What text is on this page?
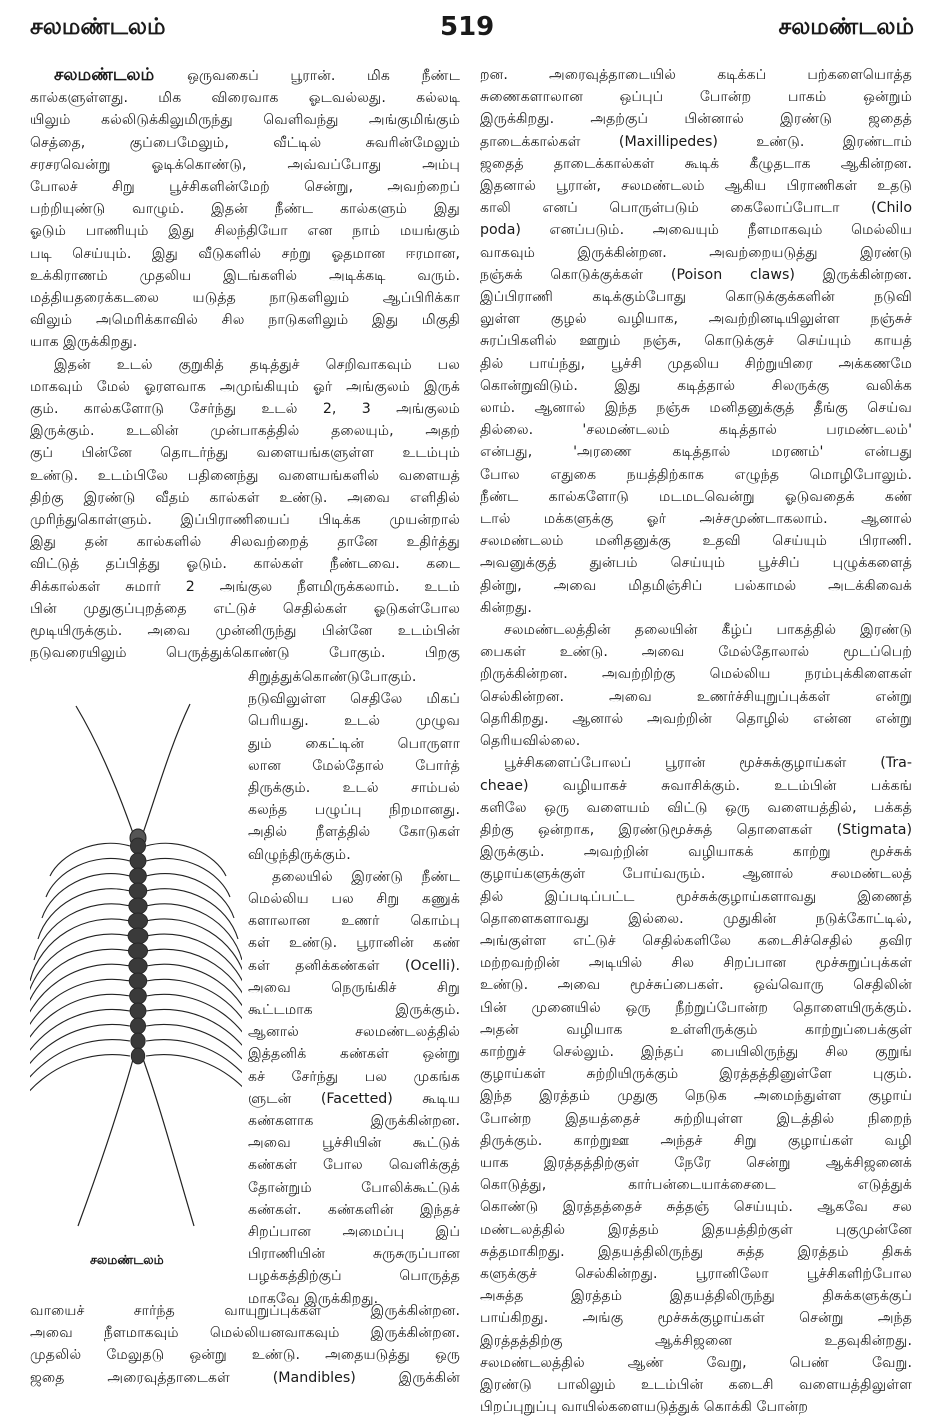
சலமண்டலம்	519	சலமண்டலம்
சலமண்டலம் ஒருவகைப் பூரான். மிக நீண்ட
கால்களுள்ளது. மிக விரைவாக ஓடவல்லது. கல்லடி
யிலும் கல்லிடுக்கிலுமிருந்து வெளிவந்து அங்குமிங்கும்
செத்தை, குப்பைமேலும், வீட்டில் சுவரின்மேலும்
சரசரவென்று ஓடிக்கொண்டு, அவ்வப்போது அம்பு
போலச் சிறு பூச்சிகளின்மேற் சென்று, அவற்றைப்
பற்றியுண்டு வாழும். இதன் நீண்ட கால்களும் இது
ஓடும் பாணியும் இது சிலந்தியோ என நாம் மயங்கும்
படி செய்யும். இது வீடுகளில் சற்று ஓதமான ஈரமான,
உக்கிராணம் முதலிய இடங்களில் அடிக்கடி வரும்.
மத்தியதரைக்கடலை யடுத்த நாடுகளிலும் ஆப்பிரிக்கா
விலும் அமெரிக்காவில் சில நாடுகளிலும் இது மிகுதி
யாக இருக்கிறது.
இதன் உடல் குறுகித் தடித்துச் செறிவாகவும் பல
மாகவும் மேல் ஓரளவாக அமுங்கியும் ஓர் அங்குலம் இருக்
கும். கால்களோடு சேர்ந்து உடல் 2, 3 அங்குலம்
இருக்கும். உடலின் முன்பாகத்தில் தலையும், அதற்
குப் பின்னே தொடர்ந்து வளையங்களுள்ள உடம்பும்
உண்டு. உடம்பிலே பதினைந்து வளையங்களில் வளையத்
திற்கு இரண்டு வீதம் கால்கள் உண்டு. அவை எளிதில்
முரிந்துகொள்ளும். இப்பிராணியைப் பிடிக்க முயன்றால்
இது தன் கால்களில் சிலவற்றைத் தானே உதிர்த்து
விட்டுத் தப்பித்து ஓடும். கால்கள் நீண்டவை. கடை
சிக்கால்கள் சுமார் 2 அங்குல நீளமிருக்கலாம். உடம்
பின் முதுகுப்புறத்தை எட்டுச் செதில்கள் ஓடுகள்போல
மூடியிருக்கும். அவை முன்னிருந்து பின்னே உடம்பின்
நடுவரையிலும் பெருத்துக்கொண்டு போகும். பிறகு
சலமண்டலம்
சிறுத்துக்கொண்டுபோகும்.
நடுவிலுள்ள செதிலே மிகப்
பெரியது. உடல் முழுவ
தும் கைட்டின் பொருளா
லான மேல்தோல் போர்த்
திருக்கும். உடல் சாம்பல்
கலந்த பழுப்பு நிறமானது.
அதில் நீளத்தில் கோடுகள்
விழுந்திருக்கும்.
தலையில் இரண்டு நீண்ட
மெல்லிய பல சிறு கணுக்
களாலான உணர் கொம்பு
கள் உண்டு. பூரானின் கண்
கள் தனிக்கண்கள் (Ocelli).
அவை நெருங்கிச் சிறு
கூட்டமாக இருக்கும்.
ஆனால் சலமண்டலத்தில்
இத்தனிக் கண்கள் ஒன்று
கச் சேர்ந்து பல முகங்க
ளுடன் (Facetted) கூடிய
கண்களாக இருக்கின்றன.
அவை பூச்சியின் கூட்டுக்
கண்கள் போல வெளிக்குத்
தோன்றும் போலிக்கூட்டுக்
கண்கள். கண்களின் இந்தச்
சிறப்பான அமைப்பு இப்
பிராணியின் சுருசுருப்பான
பழக்கத்திற்குப் பொருத்த
மாகவே இருக்கிறது.
வாயைச் சார்ந்த வாயுறுப்புக்கள் இருக்கின்றன.
அவை நீளமாகவும் மெல்லியனவாகவும் இருக்கின்றன.
முதலில் மேலுதடு ஒன்று உண்டு. அதையடுத்து ஒரு
ஜதை அரைவுத்தாடைகள் (Mandibles) இருக்கின்
றன. அரைவுத்தாடையில் கடிக்கப் பற்களையொத்த
சுணைகளாலான ஒப்புப் போன்ற பாகம் ஒன்றும்
இருக்கிறது. அதற்குப் பின்னால் இரண்டு ஜதைத்
தாடைக்கால்கள் (Maxillipedes) உண்டு. இரண்டாம்
ஜதைத் தாடைக்கால்கள் கூடிக் கீழுதடாக ஆகின்றன.
இதனால் பூரான், சலமண்டலம் ஆகிய பிராணிகள் உதடு
காலி எனப் பொருள்படும் கைலோப்போடா (Chilo
poda) எனப்படும். அவையும் நீளமாகவும் மெல்லிய
வாகவும் இருக்கின்றன. அவற்றையடுத்து இரண்டு
நஞ்சுக் கொடுக்குக்கள் (Poison claws) இருக்கின்றன.
இப்பிராணி கடிக்கும்போது கொடுக்குக்களின் நடுவி
லுள்ள குழல் வழியாக, அவற்றினடியிலுள்ள நஞ்சுச்
சுரப்பிகளில் ஊறும் நஞ்சு, கொடுக்குச் செய்யும் காயத்
தில் பாய்ந்து, பூச்சி முதலிய சிற்றுயிரை அக்கணமே
கொன்றுவிடும். இது கடித்தால் சிலருக்கு வலிக்க
லாம். ஆனால் இந்த நஞ்சு மனிதனுக்குத் தீங்கு செய்வ
தில்லை. 'சலமண்டலம் கடித்தால் பரமண்டலம்'
என்பது, 'அரணை கடித்தால் மரணம்' என்பது
போல எதுகை நயத்திற்காக எழுந்த மொழிபோலும்.
நீண்ட கால்களோடு மடமடவென்று ஓடுவதைக் கண்
டால் மக்களுக்கு ஓர் அச்சமுண்டாகலாம். ஆனால்
சலமண்டலம் மனிதனுக்கு உதவி செய்யும் பிராணி.
அவனுக்குத் துன்பம் செய்யும் பூச்சிப் புழுக்களைத்
தின்று, அவை மிதமிஞ்சிப் பல்காமல் அடக்கிவைக்
கின்றது.
சலமண்டலத்தின் தலையின் கீழ்ப் பாகத்தில் இரண்டு
பைகள் உண்டு. அவை மேல்தோலால் மூடப்பெற்
றிருக்கின்றன. அவற்றிற்கு மெல்லிய நரம்புக்கிளைகள்
செல்கின்றன. அவை உணர்ச்சியுறுப்புக்கள் என்று
தெரிகிறது. ஆனால் அவற்றின் தொழில் என்ன என்று
தெரியவில்லை.
பூச்சிகளைப்போலப் பூரான் மூச்சுக்குழாய்கள் (Tra-
cheae) வழியாகச் சுவாசிக்கும். உடம்பின் பக்கங்
களிலே ஒரு வளையம் விட்டு ஒரு வளையத்தில், பக்கத்
திற்கு ஒன்றாக, இரண்டுமூச்சுத் தொளைகள் (Stigmata)
இருக்கும். அவற்றின் வழியாகக் காற்று மூச்சுக்
குழாய்களுக்குள் போய்வரும். ஆனால் சலமண்டலத்
தில் இப்படிப்பட்ட மூச்சுக்குழாய்களாவது இணைத்
தொளைகளாவது இல்லை. முதுகின் நடுக்கோட்டில்,
அங்குள்ள எட்டுச் செதில்களிலே கடைசிச்செதில் தவிர
மற்றவற்றின் அடியில் சில சிறப்பான மூச்சுறுப்புக்கள்
உண்டு. அவை மூச்சுப்பைகள். ஒவ்வொரு செதிலின்
பின் முனையில் ஒரு நீற்றுப்போன்ற தொளையிருக்கும்.
அதன் வழியாக உள்ளிருக்கும் காற்றுப்பைக்குள்
காற்றுச் செல்லும். இந்தப் பையிலிருந்து சில குறுங்
குழாய்கள் சுற்றியிருக்கும் இரத்தத்தினுள்ளே புகும்.
இந்த இரத்தம் முதுகு நெடுக அமைந்துள்ள குழாய்
போன்ற இதயத்தைச் சுற்றியுள்ள இடத்தில் நிறைந்
திருக்கும். காற்றுஊ அந்தச் சிறு குழாய்கள் வழி
யாக இரத்தத்திற்குள் நேரே சென்று ஆக்சிஜனைக்
கொடுத்து, கார்பன்டையாக்சைடை எடுத்துக்
கொண்டு இரத்தத்தைச் சுத்தஞ் செய்யும். ஆகவே சல
மண்டலத்தில் இரத்தம் இதயத்திற்குள் புகுமுன்னே
சுத்தமாகிறது. இதயத்திலிருந்து சுத்த இரத்தம் திசுக்
களுக்குச் செல்கின்றது. பூரானிலோ பூச்சிகளிற்போல
அசுத்த இரத்தம் இதயத்திலிருந்து திசுக்களுக்குப்
பாய்கிறது. அங்கு மூச்சுக்குழாய்கள் சென்று அந்த
இரத்தத்திற்கு ஆக்சிஜனை உதவுகின்றது.
சலமண்டலத்தில் ஆண் வேறு, பெண் வேறு.
இரண்டு பாலிலும் உடம்பின் கடைசி வளையத்திலுள்ள
பிறப்புறுப்பு வாயில்களையடுத்துக் கொக்கி போன்ற
